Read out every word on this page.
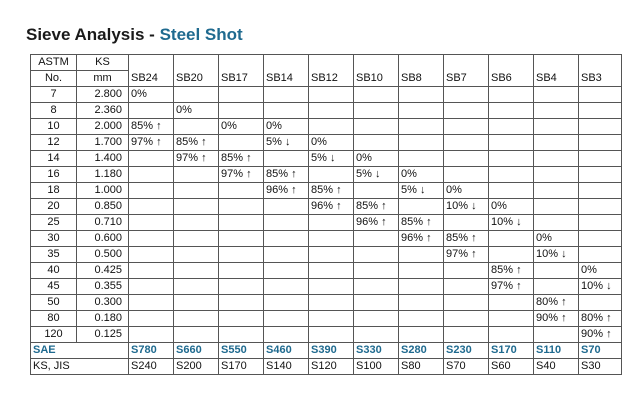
Sieve Analysis - Steel Shot
ASTM	KS											
No.	mm	SB24	SB20	SB17	SB14	SB12	SB10	SB8	SB7	SB6	SB4	SB3
7	2.800	0%										
8	2.360		0%									
10	2.000	85% ↑		0%	0%							
12	1.700	97% ↑	85% ↑		5% ↓	0%						
14	1.400		97% ↑	85% ↑		5% ↓	0%					
16	1.180			97% ↑	85% ↑		5% ↓	0%				
18	1.000				96% ↑	85% ↑		5% ↓	0%			
20	0.850					96% ↑	85% ↑		10% ↓	0%		
25	0.710						96% ↑	85% ↑		10% ↓		
30	0.600							96% ↑	85% ↑		0%	
35	0.500								97% ↑		10% ↓	
40	0.425									85% ↑		0%
45	0.355									97% ↑		10% ↓
50	0.300										80% ↑	
80	0.180										90% ↑	80% ↑
120	0.125											90% ↑
SAE		S780	S660	S550	S460	S390	S330	S280	S230	S170	S110	S70
KS, JIS		S240	S200	S170	S140	S120	S100	S80	S70	S60	S40	S30
